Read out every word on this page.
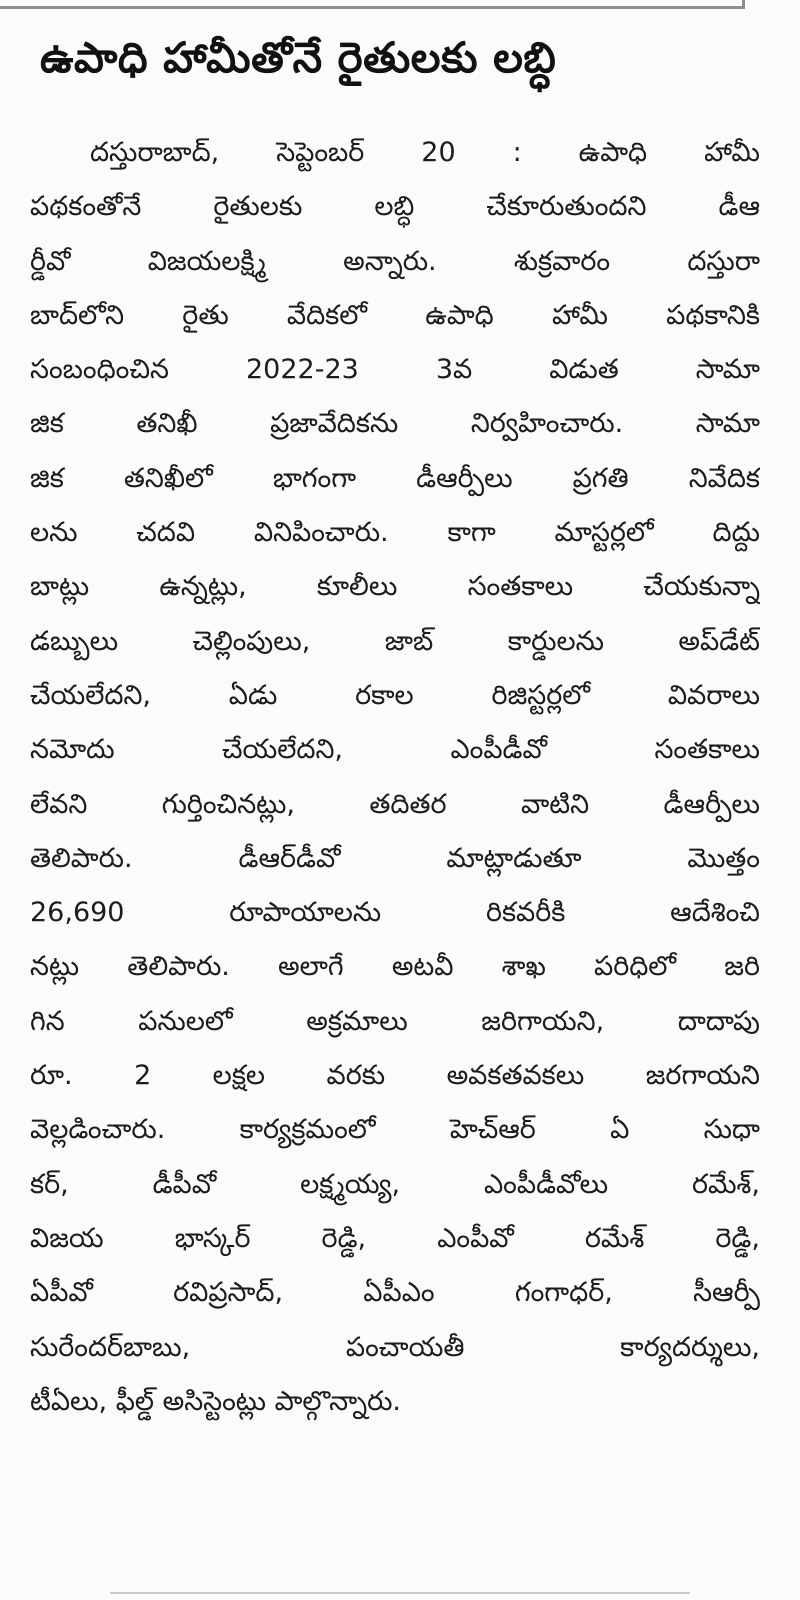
ఉపాధి హామీతోనే రైతులకు లబ్ధి
దస్తురాబాద్, సెప్టెంబర్ 20 : ఉపాధి హామీ
పథకంతోనే రైతులకు లబ్ధి చేకూరుతుందని డీఆ
ర్డీవో విజయలక్ష్మి అన్నారు. శుక్రవారం దస్తురా
బాద్‌లోని రైతు వేదికలో ఉపాధి హామీ పథకానికి
సంబంధించిన 2022-23 3వ విడుత సామా
జిక తనిఖీ ప్రజావేదికను నిర్వహించారు. సామా
జిక తనిఖీలో భాగంగా డీఆర్పీలు ప్రగతి నివేదిక
లను చదవి వినిపించారు. కాగా మాస్టర్లలో దిద్దు
బాట్లు ఉన్నట్లు, కూలీలు సంతకాలు చేయకున్నా
డబ్బులు చెల్లింపులు, జాబ్ కార్డులను అప్‌డేట్
చేయలేదని, ఏడు రకాల రిజిస్టర్లలో వివరాలు
నమోదు చేయలేదని, ఎంపీడీవో సంతకాలు
లేవని గుర్తించినట్లు, తదితర వాటిని డీఆర్పీలు
తెలిపారు. డీఆర్‌డీవో మాట్లాడుతూ మొత్తం
26,690 రూపాయాలను రికవరీకి ఆదేశించి
నట్లు తెలిపారు. అలాగే అటవీ శాఖ పరిధిలో జరి
గిన పనులలో అక్రమాలు జరిగాయని, దాదాపు
రూ. 2 లక్షల వరకు అవకతవకలు జరగాయని
వెల్లడించారు. కార్యక్రమంలో హెచ్‌ఆర్ ఏ సుధా
కర్, డీపీవో లక్ష్మయ్య, ఎంపీడీవోలు రమేశ్,
విజయ భాస్కర్ రెడ్డి, ఎంపీవో రమేశ్ రెడ్డి,
ఏపీవో రవిప్రసాద్, ఏపీఎం గంగాధర్, సీఆర్పీ
సురేందర్‌బాబు, పంచాయతీ కార్యదర్శులు,
టీఏలు, ఫీల్డ్ అసిస్టెంట్లు పాల్గొన్నారు.
